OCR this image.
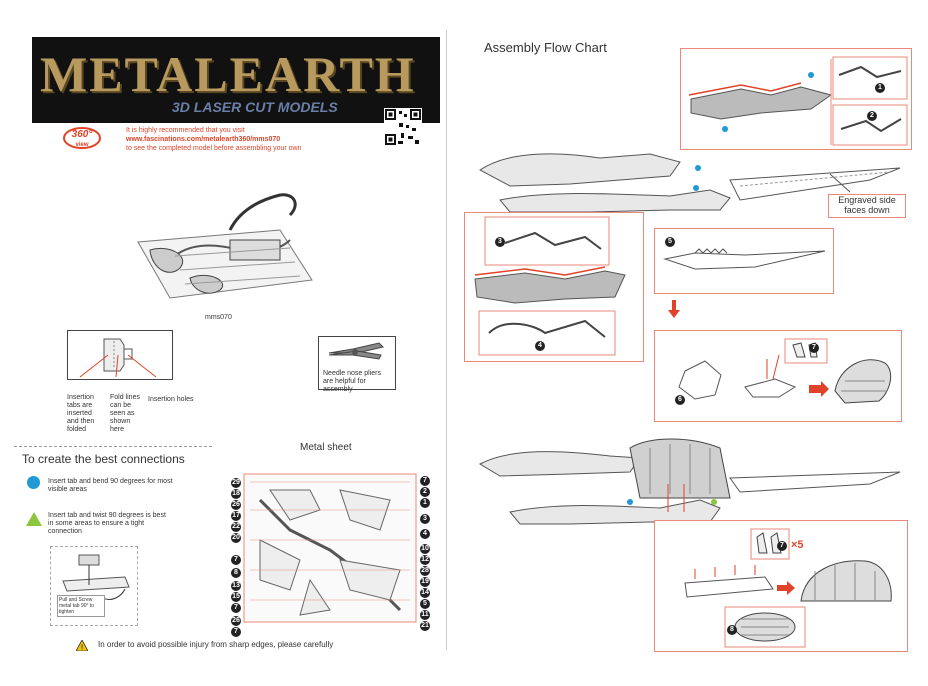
METALEARTH
3D LASER CUT MODELS
360°
view
It is highly recommended that you visit
www.fascinations.com/metalearth360/mms070
to see the completed model before assembling your own
mms070
Insertion tabs are inserted and then folded
Fold lines can be seen as shown here
Insertion holes
Needle nose pliers are helpful for assembly
Metal sheet
To create the best connections
Insert tab and bend 90 degrees for most visible areas
Insert tab and twist 90 degrees is best in some areas to ensure a tight connection
Pull and Screw metal tab 90° to tighten
! In order to avoid possible injury from sharp edges, please carefully
29
18
26
17
22
20
7
8
13
15
7
26
7
7
2
1
3
4
10
12
28
19
14
5
11
21
Assembly Flow Chart
1
2
Engraved side faces down
3
4
5
6
7
7 ×5
8
